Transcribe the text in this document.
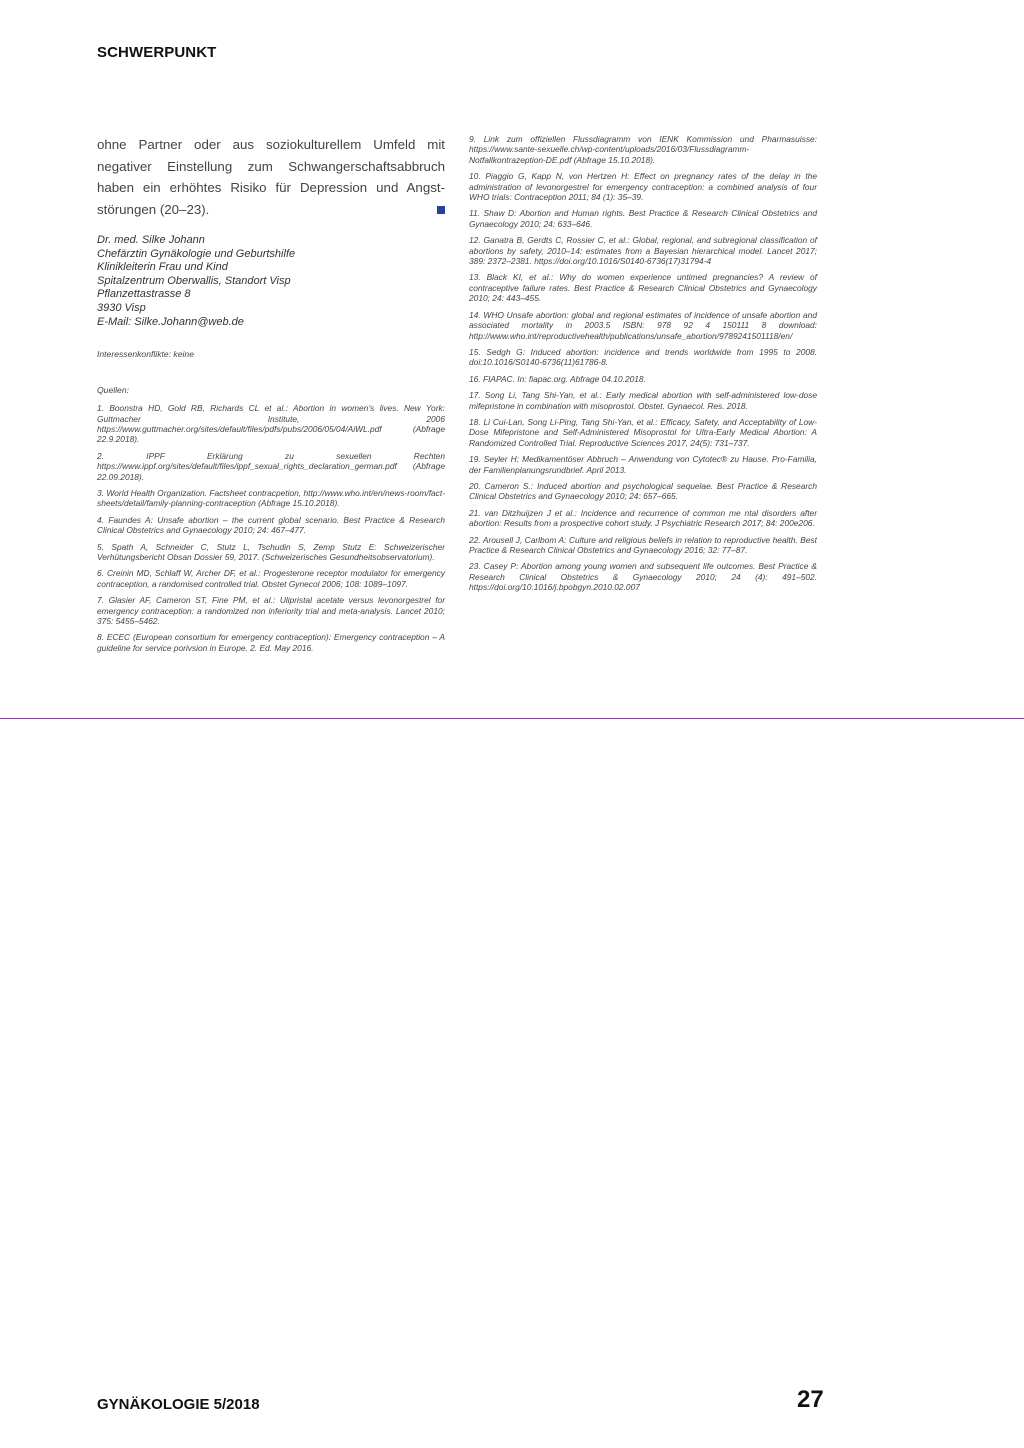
SCHWERPUNKT

ohne Partner oder aus soziokulturellem Umfeld mit negativer Einstellung zum Schwangerschaftsabbruch haben ein erhöhtes Risiko für Depression und Angststörungen (20–23).

Dr. med. Silke Johann
Chefärztin Gynäkologie und Geburtshilfe
Klinikleiterin Frau und Kind
Spitalzentrum Oberwallis, Standort Visp
Pflanzettastrasse 8
3930 Visp
E-Mail: Silke.Johann@web.de
Interessenkonflikte: keine
Quellen:

1. Boonstra HD, Gold RB, Richards CL et al.: Abortion in women’s lives. New York: Guttmacher Institute, 2006 https://www.guttmacher.org/sites/default/files/pdfs/pubs/2006/05/04/AiWL.pdf (Abfrage 22.9.2018).

2. IPPF Erklärung zu sexuellen Rechten https://www.ippf.org/sites/default/files/ippf_sexual_rights_declaration_german.pdf (Abfrage 22.09.2018).

3. World Health Organization. Factsheet contracpetion, http://www.who.int/en/news-room/fact-sheets/detail/family-planning-contraception (Abfrage 15.10.2018).

4. Faundes A: Unsafe abortion – the current global scenario. Best Practice & Research Clinical Obstetrics and Gynaecology 2010; 24: 467–477.

5. Spath A, Schneider C, Stutz L, Tschudin S, Zemp Stutz E: Schweizerischer Verhütungsbericht Obsan Dossier 59, 2017. (Schweizerisches Gesundheitsobservatorium).

6. Creinin MD, Schlaff W, Archer DF, et al.: Progesterone receptor modulator for emergency contraception, a randomised controlled trial. Obstet Gynecol 2006; 108: 1089–1097.

7. Glasier AF, Cameron ST, Fine PM, et al.: Ulipristal acetate versus levonorgestrel for emergency contraception: a randomized non inferiority trial and meta-analysis. Lancet 2010; 375: 5455–5462.

8. ECEC (European consortium for emergency contraception): Emergency contraception – A guideline for service porivsion in Europe. 2. Ed. May 2016.

9. Link zum offiziellen Flussdiagramm von IENK Kommission und Pharmasuisse: https://www.sante-sexuelle.ch/wp-content/uploads/2016/03/Flussdiagramm-Notfallkontrazeption-DE.pdf (Abfrage 15.10.2018).

10. Piaggio G, Kapp N, von Hertzen H: Effect on pregnancy rates of the delay in the administration of levonorgestrel for emergency contraception: a combined analysis of four WHO trials: Contraception 2011; 84 (1): 35–39.

11. Shaw D: Abortion and Human rights. Best Practice & Research Clinical Obstetrics and Gynaecology 2010; 24: 633–646.

12. Ganatra B, Gerdts C, Rossier C, et al.: Global, regional, and subregional classification of abortions by safety, 2010–14: estimates from a Bayesian hierarchical model. Lancet 2017; 389: 2372–2381. https://doi.org/10.1016/S0140-6736(17)31794-4

13. Black KI, et al.: Why do women experience untimed pregnancies? A review of contraceptive failure rates. Best Practice & Research Clinical Obstetrics and Gynaecology 2010; 24: 443–455.

14. WHO Unsafe abortion: global and regional estimates of incidence of unsafe abortion and associated mortality in 2003.5 ISBN: 978 92 4 150111 8 download: http://www.who.int/reproductivehealth/publications/unsafe_abortion/9789241501118/en/

15. Sedgh G: Induced abortion: incidence and trends worldwide from 1995 to 2008. doi:10.1016/S0140-6736(11)61786-8.

16. FIAPAC. In: fiapac.org. Abfrage 04.10.2018.

17. Song Li, Tang Shi-Yan, et al.: Early medical abortion with self-administered low-dose mifepristone in combination with misoprostol. Obstet. Gynaecol. Res. 2018.

18. Li Cui-Lan, Song Li-Ping, Tang Shi-Yan, et al.: Efficacy, Safety, and Acceptability of Low-Dose Mifepristone and Self-Administered Misoprostol for Ultra-Early Medical Abortion: A Randomized Controlled Trial. Reproductive Sciences 2017, 24(5): 731–737.

19. Seyler H: Medikamentöser Abbruch – Anwendung von Cytotec® zu Hause. Pro-Familia, der Familienplanungsrundbrief. April 2013.

20. Cameron S.: Induced abortion and psychological sequelae. Best Practice & Research Clinical Obstetrics and Gynaecology 2010; 24: 657–665.

21. van Ditzhuijzen J et al.: Incidence and recurrence of common me ntal disorders after abortion: Results from a prospective cohort study. J Psychiatric Research 2017; 84: 200e206.

22. Arousell J, Carlbom A: Culture and religious beliefs in relation to reproductive health. Best Practice & Research Clinical Obstetrics and Gynaecology 2016; 32: 77–87.

23. Casey P: Abortion among young women and subsequent life outcomes. Best Practice & Research Clinical Obstetrics & Gynaecology 2010; 24 (4): 491–502. https://doi.org/10.1016/j.bpobgyn.2010.02.007

GYNÄKOLOGIE 5/2018	27
